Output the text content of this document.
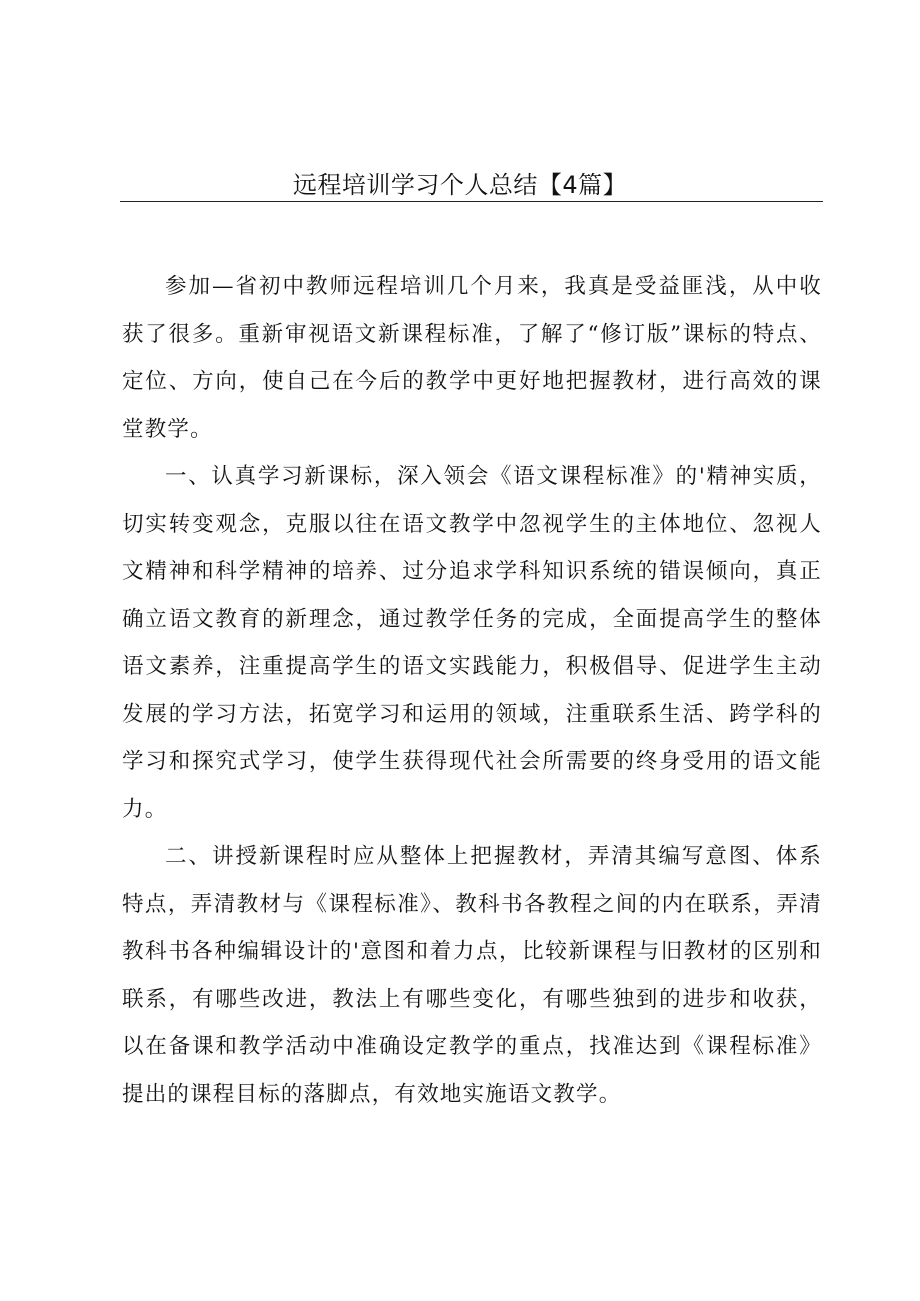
远程培训学习个人总结【4篇】

参加—省初中教师远程培训几个月来，我真是受益匪浅，从中收获了很多。重新审视语文新课程标准，了解了“修订版”课标的特点、定位、方向，使自己在今后的教学中更好地把握教材，进行高效的课堂教学。

一、认真学习新课标，深入领会《语文课程标准》的'精神实质，切实转变观念，克服以往在语文教学中忽视学生的主体地位、忽视人文精神和科学精神的培养、过分追求学科知识系统的错误倾向，真正确立语文教育的新理念，通过教学任务的完成，全面提高学生的整体语文素养，注重提高学生的语文实践能力，积极倡导、促进学生主动发展的学习方法，拓宽学习和运用的领域，注重联系生活、跨学科的学习和探究式学习，使学生获得现代社会所需要的终身受用的语文能力。

二、讲授新课程时应从整体上把握教材，弄清其编写意图、体系特点，弄清教材与《课程标准》、教科书各教程之间的内在联系，弄清教科书各种编辑设计的'意图和着力点，比较新课程与旧教材的区别和联系，有哪些改进，教法上有哪些变化，有哪些独到的进步和收获，以在备课和教学活动中准确设定教学的重点，找准达到《课程标准》提出的课程目标的落脚点，有效地实施语文教学。
